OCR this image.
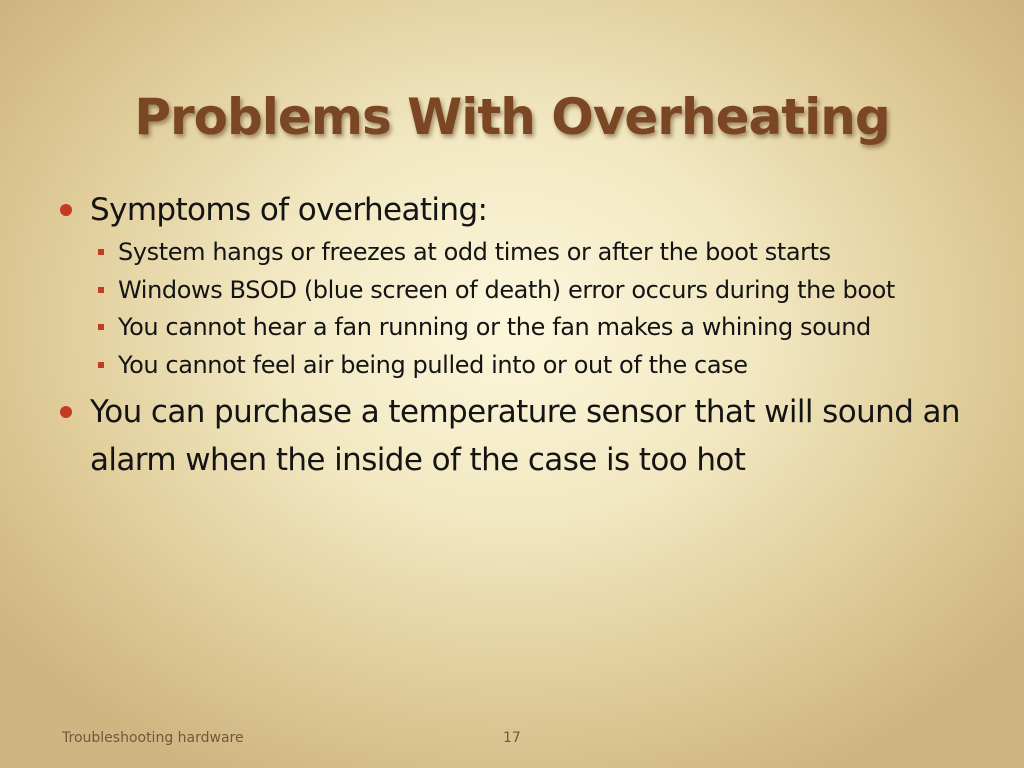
Problems With Overheating
Symptoms of overheating:
System hangs or freezes at odd times or after the boot starts
Windows BSOD (blue screen of death) error occurs during the boot
You cannot hear a fan running or the fan makes a whining sound
You cannot feel air being pulled into or out of the case
You can purchase a temperature sensor that will sound an alarm when the inside of the case is too hot
Troubleshooting hardware	17
